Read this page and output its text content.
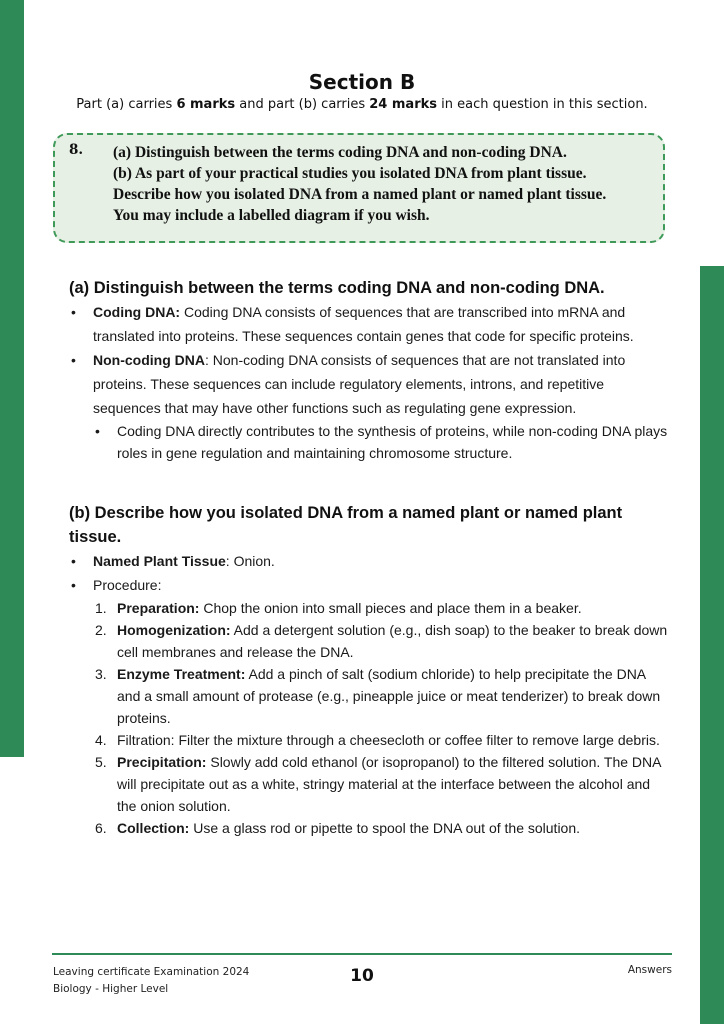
Section B
Part (a) carries 6 marks and part (b) carries 24 marks in each question in this section.
8. (a) Distinguish between the terms coding DNA and non-coding DNA.
(b) As part of your practical studies you isolated DNA from plant tissue.
Describe how you isolated DNA from a named plant or named plant tissue.
You may include a labelled diagram if you wish.
(a) Distinguish between the terms coding DNA and non-coding DNA.
• Coding DNA: Coding DNA consists of sequences that are transcribed into mRNA and translated into proteins. These sequences contain genes that code for specific proteins.
• Non-coding DNA: Non-coding DNA consists of sequences that are not translated into proteins. These sequences can include regulatory elements, introns, and repetitive sequences that may have other functions such as regulating gene expression.
• Coding DNA directly contributes to the synthesis of proteins, while non-coding DNA plays roles in gene regulation and maintaining chromosome structure.
(b) Describe how you isolated DNA from a named plant or named plant tissue.
• Named Plant Tissue: Onion.
• Procedure:
1. Preparation: Chop the onion into small pieces and place them in a beaker.
2. Homogenization: Add a detergent solution (e.g., dish soap) to the beaker to break down cell membranes and release the DNA.
3. Enzyme Treatment: Add a pinch of salt (sodium chloride) to help precipitate the DNA and a small amount of protease (e.g., pineapple juice or meat tenderizer) to break down proteins.
4. Filtration: Filter the mixture through a cheesecloth or coffee filter to remove large debris.
5. Precipitation: Slowly add cold ethanol (or isopropanol) to the filtered solution. The DNA will precipitate out as a white, stringy material at the interface between the alcohol and the onion solution.
6. Collection: Use a glass rod or pipette to spool the DNA out of the solution.
Leaving certificate Examination 2024
Biology - Higher Level
10	Answers
